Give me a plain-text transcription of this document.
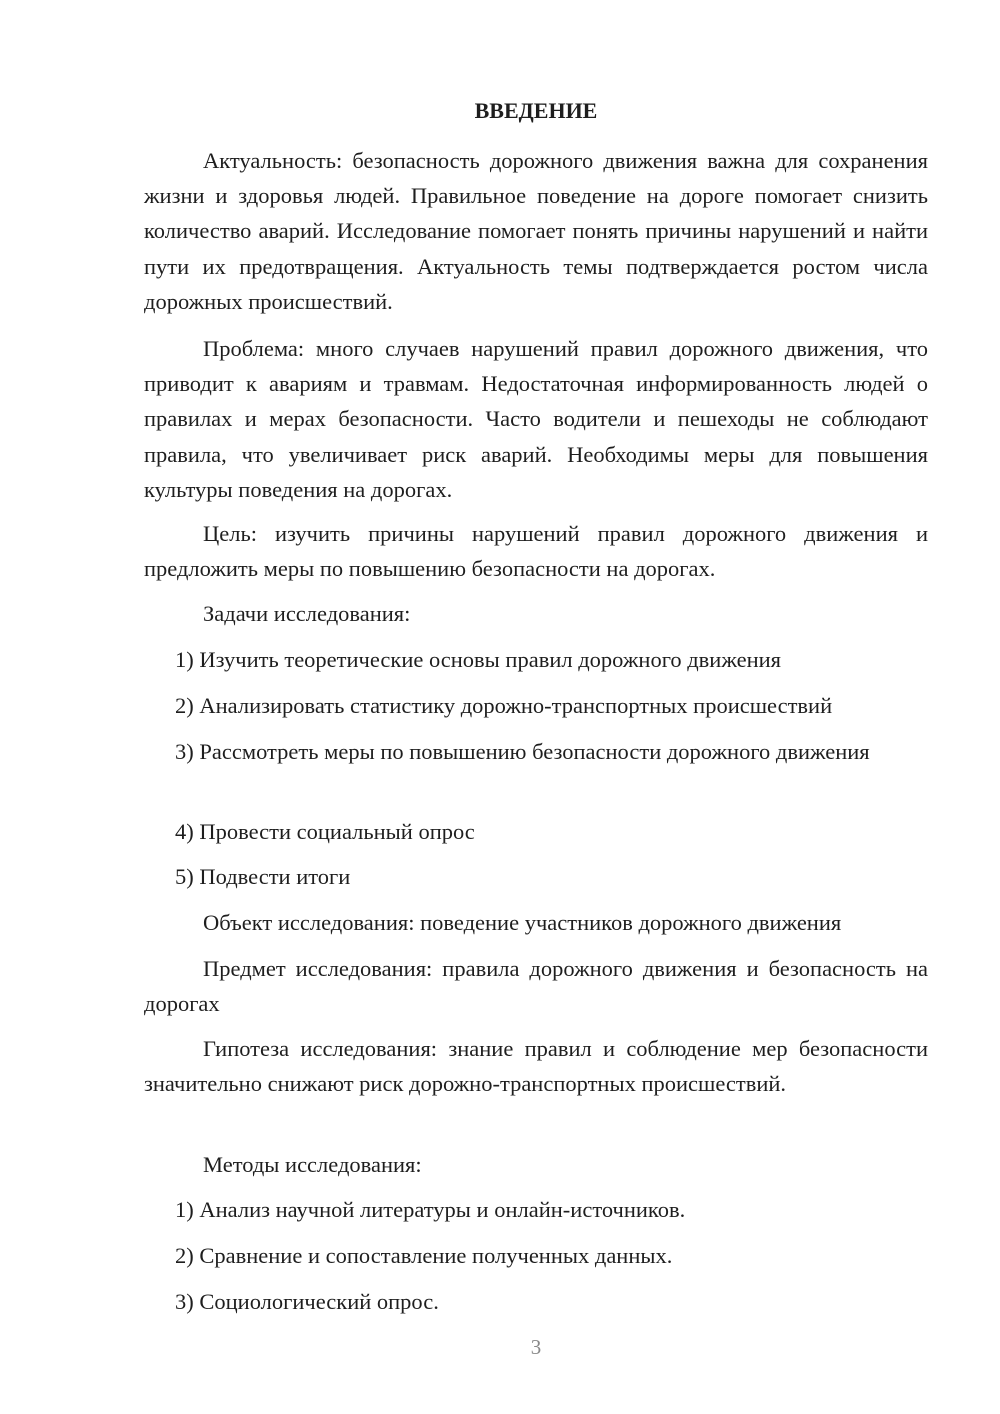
ВВЕДЕНИЕ

Актуальность: безопасность дорожного движения важна для сохранения жизни и здоровья людей. Правильное поведение на дороге помогает снизить количество аварий. Исследование помогает понять причины нарушений и найти пути их предотвращения. Актуальность темы подтверждается ростом числа дорожных происшествий.

Проблема: много случаев нарушений правил дорожного движения, что приводит к авариям и травмам. Недостаточная информированность людей о правилах и мерах безопасности. Часто водители и пешеходы не соблюдают правила, что увеличивает риск аварий. Необходимы меры для повышения культуры поведения на дорогах.

Цель: изучить причины нарушений правил дорожного движения и предложить меры по повышению безопасности на дорогах.

Задачи исследования:

1) Изучить теоретические основы правил дорожного движения

2) Анализировать статистику дорожно-транспортных происшествий

3) Рассмотреть меры по повышению безопасности дорожного движения

4) Провести социальный опрос

5) Подвести итоги

Объект исследования: поведение участников дорожного движения

Предмет исследования: правила дорожного движения и безопасность на дорогах

Гипотеза исследования: знание правил и соблюдение мер безопасности значительно снижают риск дорожно-транспортных происшествий.

Методы исследования:

1) Анализ научной литературы и онлайн-источников.

2) Сравнение и сопоставление полученных данных.

3) Социологический опрос.

3
